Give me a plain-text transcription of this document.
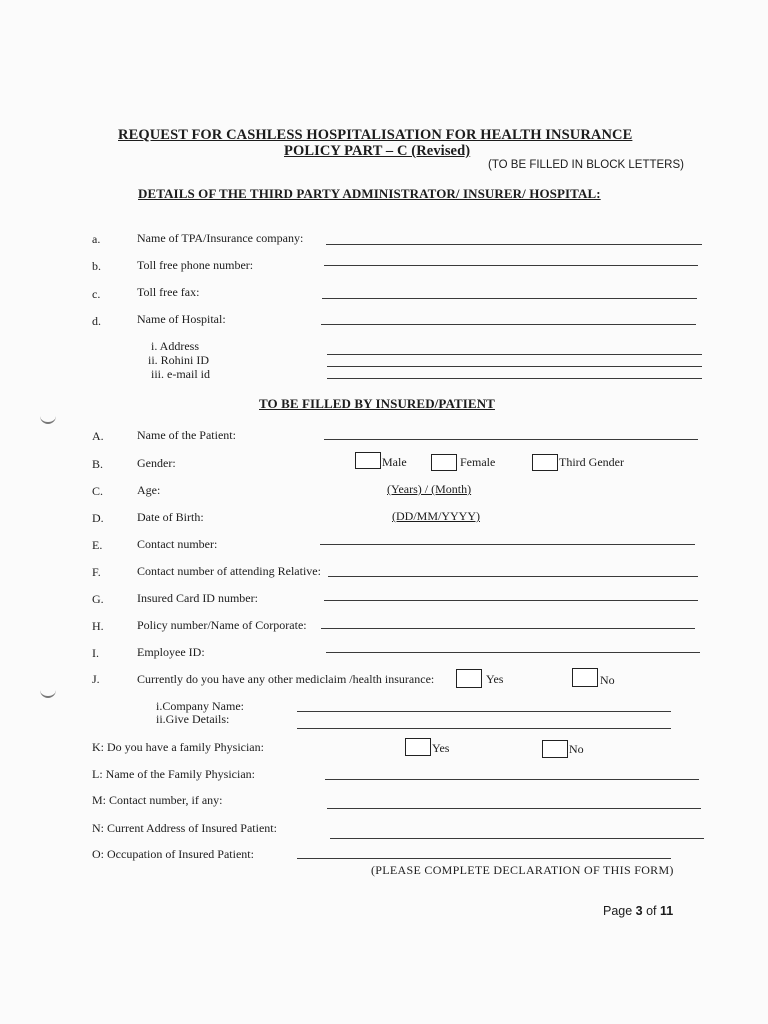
REQUEST FOR CASHLESS HOSPITALISATION FOR HEALTH INSURANCE
POLICY PART – C (Revised)
(TO BE FILLED IN BLOCK LETTERS)
DETAILS OF THE THIRD PARTY ADMINISTRATOR/ INSURER/ HOSPITAL:
a.	Name of TPA/Insurance company:
b.	Toll free phone number:
c.	Toll free fax:
d.	Name of Hospital:
i. Address
ii. Rohini ID
iii. e-mail id
TO BE FILLED BY INSURED/PATIENT
A.	Name of the Patient:
B.	Gender:	Male	Female	Third Gender
C.	Age:	(Years) / (Month)
D.	Date of Birth:	(DD/MM/YYYY)
E.	Contact number:
F.	Contact number of attending Relative:
G.	Insured Card ID number:
H.	Policy number/Name of Corporate:
I.	Employee ID:
J.	Currently do you have any other mediclaim /health insurance:	Yes	No
i.Company Name:
ii.Give Details:
K: Do you have a family Physician:	Yes	No
L: Name of the Family Physician:
M: Contact number, if any:
N: Current Address of Insured Patient:
O: Occupation of Insured Patient:
(PLEASE COMPLETE DECLARATION OF THIS FORM)
Page 3 of 11
